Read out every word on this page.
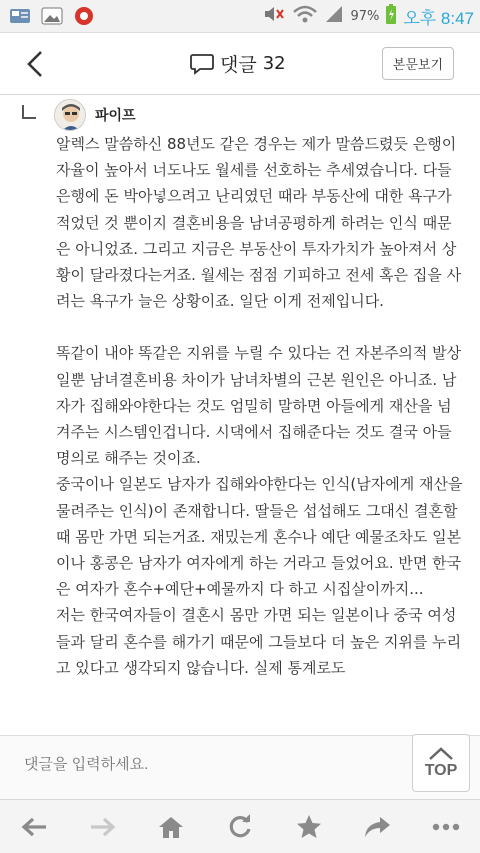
97% 오후 8:47
댓글 32	본문보기
파이프

알렉스 말씀하신 88년도 같은 경우는 제가 말씀드렸듯 은행이자율이 높아서 너도나도 월세를 선호하는 추세였습니다. 다들 은행에 돈 박아넣으려고 난리였던 때라 부동산에 대한 욕구가 적었던 것 뿐이지 결혼비용을 남녀공평하게 하려는 인식 때문은 아니었죠. 그리고 지금은 부동산이 투자가치가 높아져서 상황이 달라졌다는거죠. 월세는 점점 기피하고 전세 혹은 집을 사려는 욕구가 늘은 상황이죠. 일단 이게 전제입니다.

똑같이 내야 똑같은 지위를 누릴 수 있다는 건 자본주의적 발상일뿐 남녀결혼비용 차이가 남녀차별의 근본 원인은 아니죠. 남자가 집해와야한다는 것도 엄밀히 말하면 아들에게 재산을 넘겨주는 시스템인겁니다. 시댁에서 집해준다는 것도 결국 아들명의로 해주는 것이죠.

중국이나 일본도 남자가 집해와야한다는 인식(남자에게 재산을 물려주는 인식)이 존재합니다. 딸들은 섭섭해도 그대신 결혼할 때 몸만 가면 되는거죠. 재밌는게 혼수나 예단 예물조차도 일본이나 홍콩은 남자가 여자에게 하는 거라고 들었어요. 반면 한국은 여자가 혼수+예단+예물까지 다 하고 시집살이까지...

저는 한국여자들이 결혼시 몸만 가면 되는 일본이나 중국 여성들과 달리 혼수를 해가기 때문에 그들보다 더 높은 지위를 누리고 있다고 생각되지 않습니다. 실제 통계로도

댓글을 입력하세요.
TOP
